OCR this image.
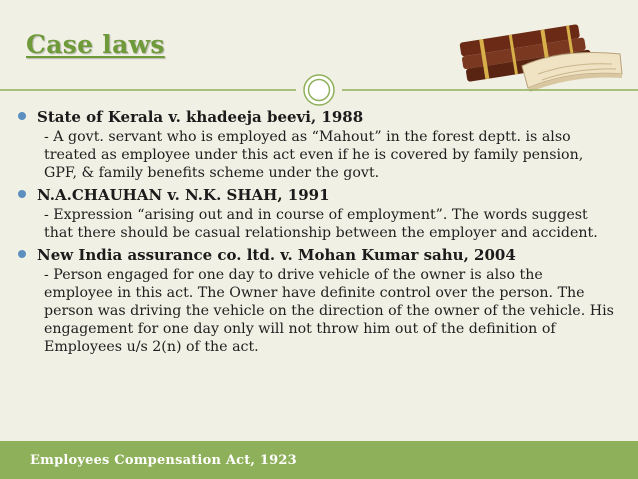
Case laws
State of Kerala v. khadeeja beevi, 1988
- A govt. servant who is employed as “Mahout” in the forest deptt. is also treated as employee under this act even if he is covered by family pension, GPF, & family benefits scheme under the govt.
N.A.CHAUHAN v. N.K. SHAH, 1991
- Expression “arising out and in course of employment”. The words suggest that there should be casual relationship between the employer and accident.
New India assurance co. ltd. v. Mohan Kumar sahu, 2004
- Person engaged for one day to drive vehicle of the owner is also the employee in this act. The Owner have definite control over the person. The person was driving the vehicle on the direction of the owner of the vehicle. His engagement for one day only will not throw him out of the definition of Employees u/s 2(n) of the act.
Employees Compensation Act, 1923
